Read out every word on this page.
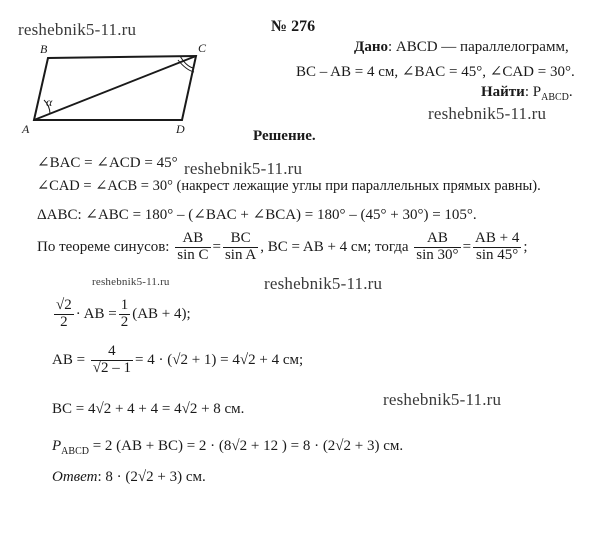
reshebnik5-11.ru
reshebnik5-11.ru
reshebnik5-11.ru
reshebnik5-11.ru	reshebnik5-11.ru
reshebnik5-11.ru
B	C
A	D
α
№ 276
Дано: ABCD — параллелограмм,
BC – AB = 4 см, ∠BAC = 45°, ∠CAD = 30°.
Найти: $P_{ABCD}$.
Решение.
∠BAC = ∠ACD = 45°
∠CAD = ∠ACB = 30° (накрест лежащие углы при параллельных прямых равны).
ΔABC: ∠ABC = 180° – (∠BAC + ∠BCA) = 180° – (45° + 30°) = 105°.
По теореме синусов: $\frac{AB}{\text{sin C}} = \frac{BC}{\text{sin A}}$ , BC = AB + 4 см; тогда $\frac{AB}{\sin 30^\circ} = \frac{AB + 4}{\sin 45^\circ}$ ;
$\frac{√2}{2}$ · AB = $\frac{1}{2} (AB + 4)$;
AB = $\frac{4}{√2 - 1} = 4 \cdot (√2 + 1) = 4√2 + 4$ см;
BC = 4√2 + 4 + 4 = 4√2 + 8 см.
$P_{ABCD} = 2$ (AB + BC) = 2 · (8√2 + 12 ) = 8 · (2√2 + 3) см.
Ответ: 8 · (2√2 + 3) см.
